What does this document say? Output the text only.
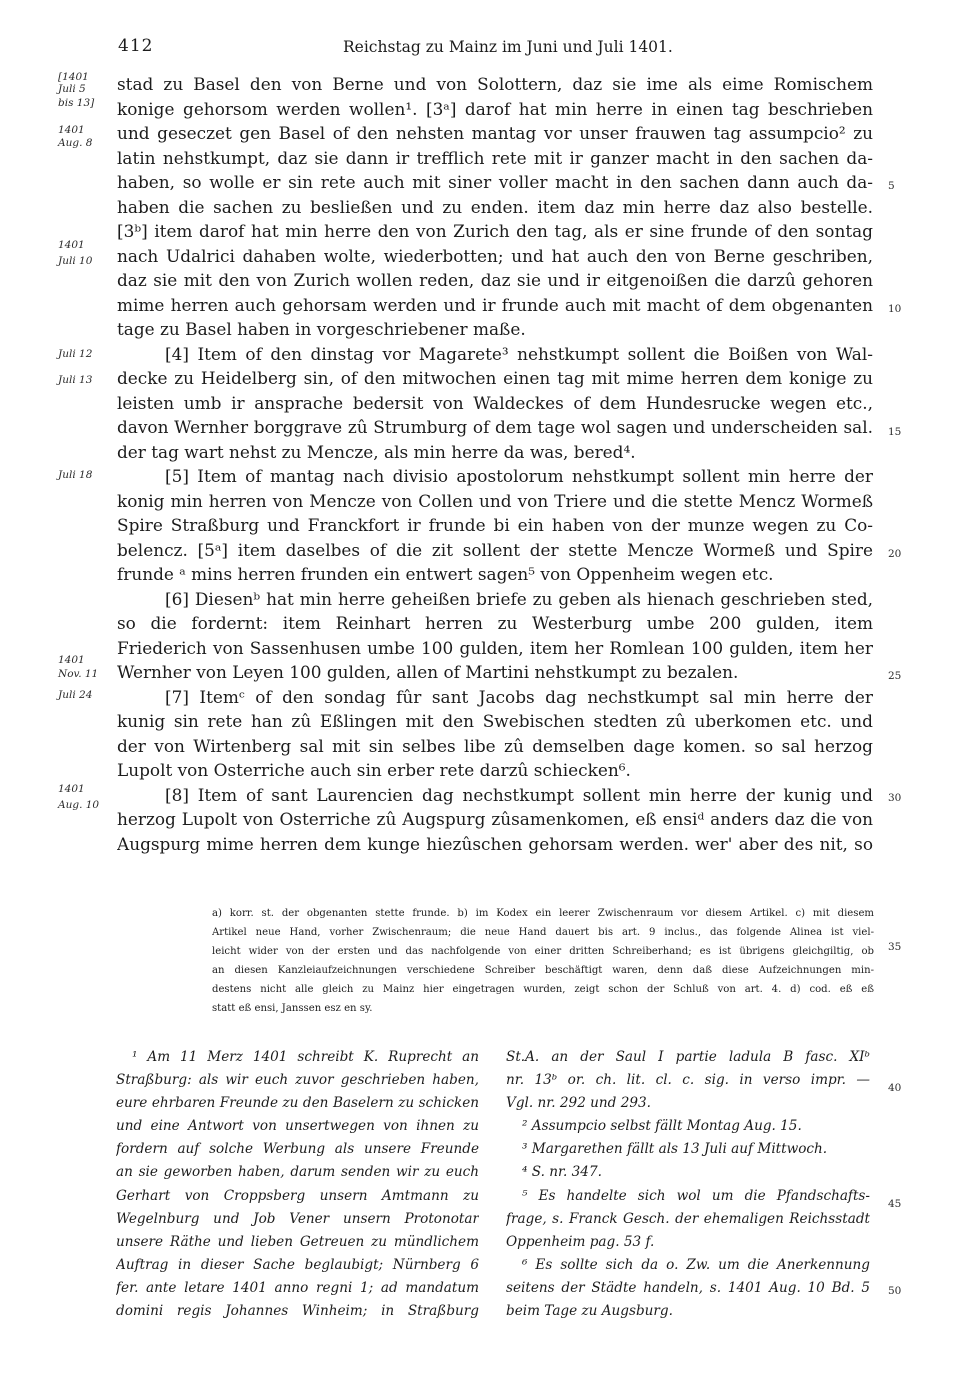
412	Reichstag zu Mainz im Juni und Juli 1401.
[1401
Juli 5
bis 13]
1401
Aug. 8
1401
Juli 10
Juli 12
Juli 13
Juli 18
1401
Nov. 11
Juli 24
1401
Aug. 10
stad zu Basel den von Berne und von Solottern, daz sie ime als eime Romischem
konige gehorsom werden wollen¹. [3ᵃ] darof hat min herre in einen tag beschrieben
und geseczet gen Basel of den nehsten mantag vor unser frauwen tag assumpcio² zu
latin nehstkumpt, daz sie dann ir trefflich rete mit ir ganzer macht in den sachen da-
haben, so wolle er sin rete auch mit siner voller macht in den sachen dann auch da-
haben die sachen zu besließen und zu enden. item daz min herre daz also bestelle.
[3ᵇ] item darof hat min herre den von Zurich den tag, als er sine frunde of den sontag
nach Udalrici dahaben wolte, wiederbotten; und hat auch den von Berne geschriben,
daz sie mit den von Zurich wollen reden, daz sie und ir eitgenoißen die darzû gehoren
mime herren auch gehorsam werden und ir frunde auch mit macht of dem obgenanten
tage zu Basel haben in vorgeschriebener maße.
[4] Item of den dinstag vor Magarete³ nehstkumpt sollent die Boißen von Wal-
decke zu Heidelberg sin, of den mitwochen einen tag mit mime herren dem konige zu
leisten umb ir ansprache bedersit von Waldeckes of dem Hundesrucke wegen etc.,
davon Wernher borggrave zû Strumburg of dem tage wol sagen und underscheiden sal.
der tag wart nehst zu Mencze, als min herre da was, bered⁴.
[5] Item of mantag nach divisio apostolorum nehstkumpt sollent min herre der
konig min herren von Mencze von Collen und von Triere und die stette Mencz Wormeß
Spire Straßburg und Franckfort ir frunde bi ein haben von der munze wegen zu Co-
belencz. [5ᵃ] item daselbes of die zit sollent der stette Mencze Wormeß und Spire
frunde ᵃ mins herren frunden ein entwert sagen⁵ von Oppenheim wegen etc.
[6] Diesenᵇ hat min herre geheißen briefe zu geben als hienach geschrieben sted,
so die fordernt: item Reinhart herren zu Westerburg umbe 200 gulden, item
Friederich von Sassenhusen umbe 100 gulden, item her Romlean 100 gulden, item her
Wernher von Leyen 100 gulden, allen of Martini nehstkumpt zu bezalen.
[7] Itemᶜ of den sondag fûr sant Jacobs dag nechstkumpt sal min herre der
kunig sin rete han zû Eßlingen mit den Swebischen stedten zû uberkomen etc. und
der von Wirtenberg sal mit sin selbes libe zû demselben dage komen. so sal herzog
Lupolt von Osterriche auch sin erber rete darzû schiecken⁶.
[8] Item of sant Laurencien dag nechstkumpt sollent min herre der kunig und
herzog Lupolt von Osterriche zû Augspurg zûsamenkomen, eß ensiᵈ anders daz die von
Augspurg mime herren dem kunge hiezûschen gehorsam werden. wer' aber des nit, so
5
10
15
20
25
30
35
40
45
50
a) korr. st. der obgenanten stette frunde. b) im Kodex ein leerer Zwischenraum vor diesem Artikel. c) mit diesem
Artikel neue Hand, vorher Zwischenraum; die neue Hand dauert bis art. 9 inclus., das folgende Alinea ist viel-
leicht wider von der ersten und das nachfolgende von einer dritten Schreiberhand; es ist übrigens gleichgiltig, ob
an diesen Kanzleiaufzeichnungen verschiedene Schreiber beschäftigt waren, denn daß diese Aufzeichnungen min-
destens nicht alle gleich zu Mainz hier eingetragen wurden, zeigt schon der Schluß von art. 4. d) cod. eß eß
statt eß ensi, Janssen esz en sy.
¹ Am 11 Merz 1401 schreibt K. Ruprecht an
Straßburg: als wir euch zuvor geschrieben haben,
eure ehrbaren Freunde zu den Baselern zu schicken
und eine Antwort von unsertwegen von ihnen zu
fordern auf solche Werbung als unsere Freunde
an sie geworben haben, darum senden wir zu euch
Gerhart von Croppsberg unsern Amtmann zu
Wegelnburg und Job Vener unsern Protonotar
unsere Räthe und lieben Getreuen zu mündlichem
Auftrag in dieser Sache beglaubigt; Nürnberg 6
fer. ante letare 1401 anno regni 1; ad mandatum
domini regis Johannes Winheim; in Straßburg
St.A. an der Saul I partie ladula B fasc. XIᵇ
nr. 13ᵇ or. ch. lit. cl. c. sig. in verso impr. —
Vgl. nr. 292 und 293.
² Assumpcio selbst fällt Montag Aug. 15.
³ Margarethen fällt als 13 Juli auf Mittwoch.
⁴ S. nr. 347.
⁵ Es handelte sich wol um die Pfandschafts-
frage, s. Franck Gesch. der ehemaligen Reichsstadt
Oppenheim pag. 53 f.
⁶ Es sollte sich da o. Zw. um die Anerkennung
seitens der Städte handeln, s. 1401 Aug. 10 Bd. 5
beim Tage zu Augsburg.
